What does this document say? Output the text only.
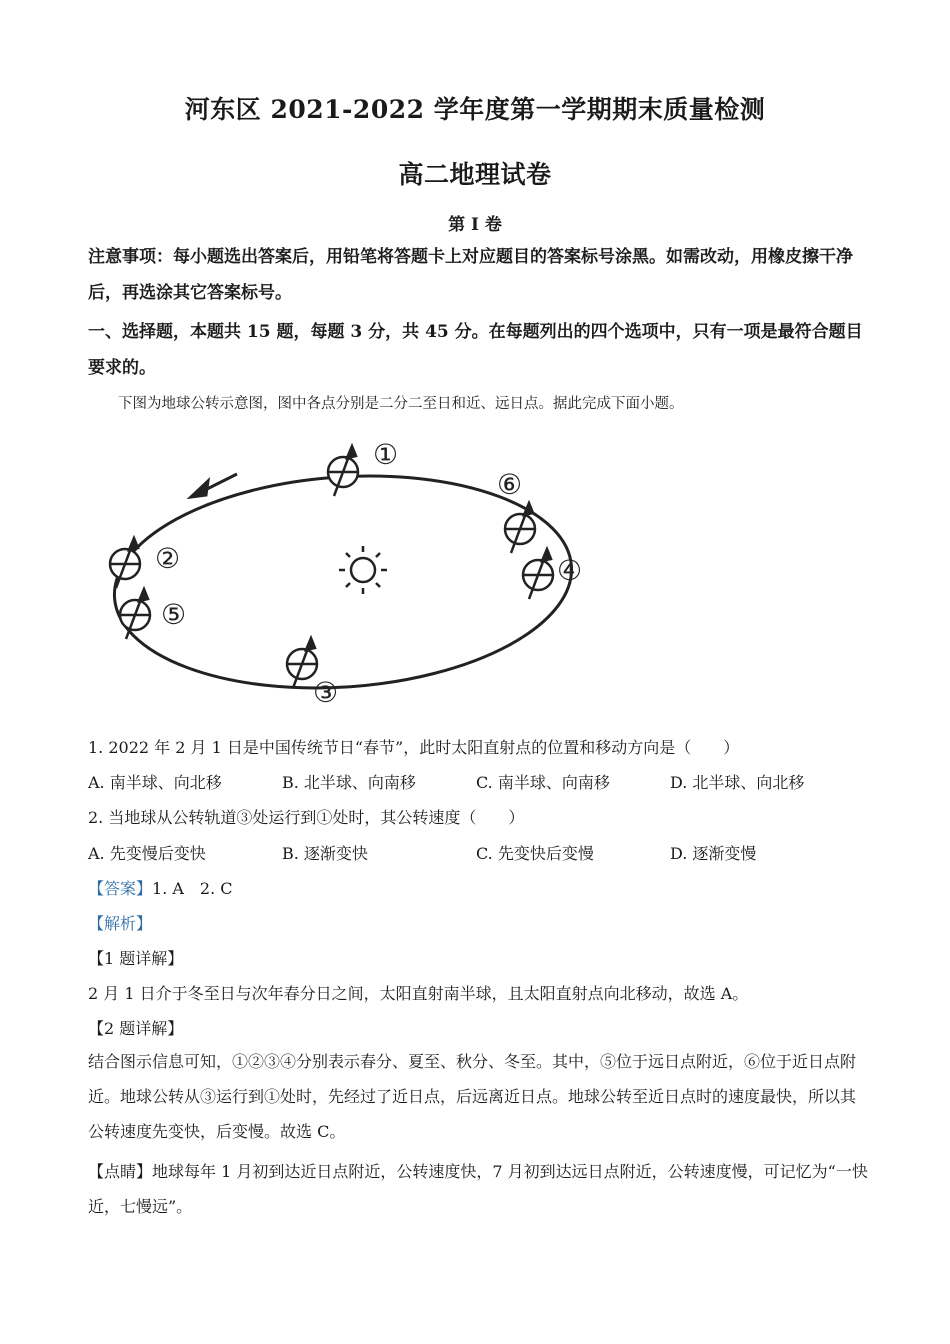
河东区 2021-2022 学年度第一学期期末质量检测
高二地理试卷
第 I 卷
注意事项：每小题选出答案后，用铅笔将答题卡上对应题目的答案标号涂黑。如需改动，用橡皮擦干净后，再选涂其它答案标号。
一、选择题，本题共 15 题，每题 3 分，共 45 分。在每题列出的四个选项中，只有一项是最符合题目要求的。
下图为地球公转示意图，图中各点分别是二分二至日和近、远日点。据此完成下面小题。
①
⑥
④
②
⑤
③
1. 2022 年 2 月 1 日是中国传统节日“春节”，此时太阳直射点的位置和移动方向是（　　）
A. 南半球、向北移	B. 北半球、向南移	C. 南半球、向南移	D. 北半球、向北移
2. 当地球从公转轨道③处运行到①处时，其公转速度（　　）
A. 先变慢后变快	B. 逐渐变快	C. 先变快后变慢	D. 逐渐变慢
【答案】1. A　2. C
【解析】
【1 题详解】
2 月 1 日介于冬至日与次年春分日之间，太阳直射南半球，且太阳直射点向北移动，故选 A。
【2 题详解】
结合图示信息可知，①②③④分别表示春分、夏至、秋分、冬至。其中，⑤位于远日点附近，⑥位于近日点附近。地球公转从③运行到①处时，先经过了近日点，后远离近日点。地球公转至近日点时的速度最快，所以其公转速度先变快，后变慢。故选 C。
【点睛】地球每年 1 月初到达近日点附近，公转速度快，7 月初到达远日点附近，公转速度慢，可记忆为“一快近，七慢远”。
